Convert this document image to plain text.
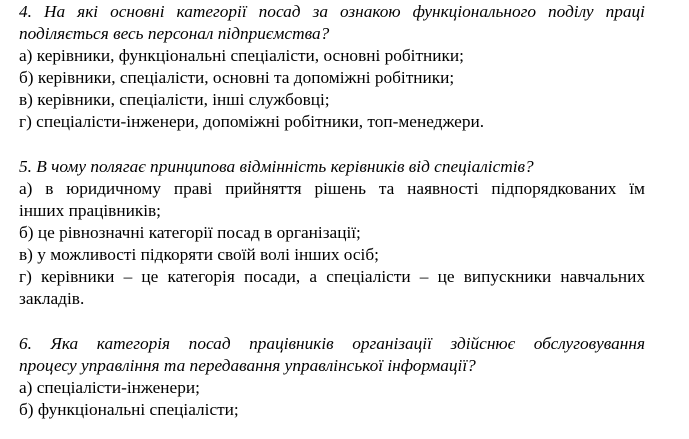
4. На які основні категорії посад за ознакою функціонального поділу праці
поділяється весь персонал підприємства?
а) керівники, функціональні спеціалісти, основні робітники;
б) керівники, спеціалісти, основні та допоміжні робітники;
в) керівники, спеціалісти, інші службовці;
г) спеціалісти-інженери, допоміжні робітники, топ-менеджери.
5. В чому полягає принципова відмінність керівників від спеціалістів?
а) в юридичному праві прийняття рішень та наявності підпорядкованих їм
інших працівників;
б) це рівнозначні категорії посад в організації;
в) у можливості підкоряти своїй волі інших осіб;
г) керівники – це категорія посади, а спеціалісти – це випускники навчальних
закладів.
6. Яка категорія посад працівників організації здійснює обслуговування
процесу управління та передавання управлінської інформації?
а) спеціалісти-інженери;
б) функціональні спеціалісти;
